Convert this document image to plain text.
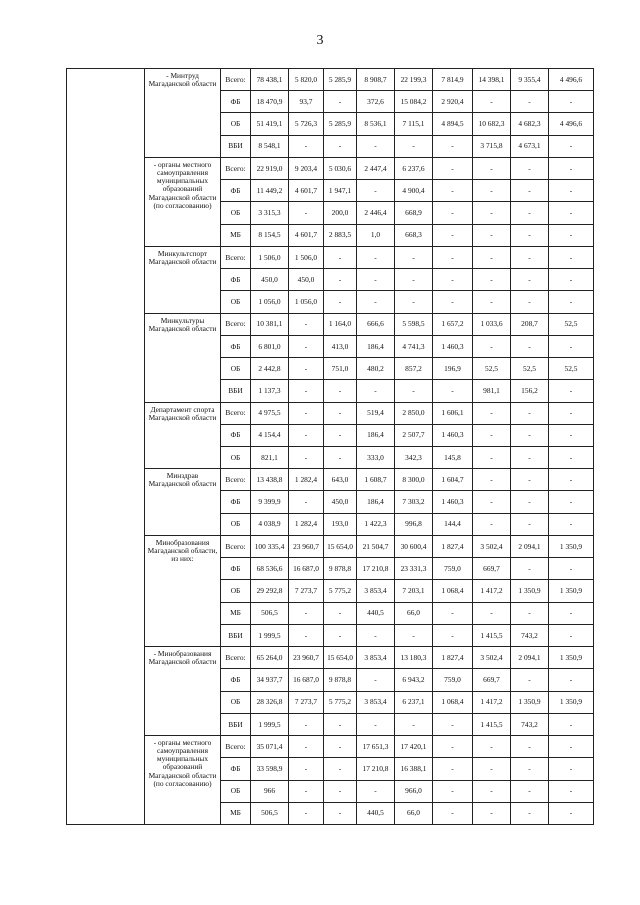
3
	- Минтруд Магаданской области	Всего:	78 438,1	5 820,0	5 285,9	8 908,7	22 199,3	7 814,9	14 398,1	9 355,4	4 496,6
		ФБ	18 470,9	93,7	-	372,6	15 084,2	2 920,4	-	-	-
		ОБ	51 419,1	5 726,3	5 285,9	8 536,1	7 115,1	4 894,5	10 682,3	4 682,3	4 496,6
		ВБИ	8 548,1	-	-	-	-	-	3 715,8	4 673,1	-
	- органы местного самоуправления муниципальных образований Магаданской области (по согласованию)	Всего:	22 919,0	9 203,4	5 030,6	2 447,4	6 237,6	-	-	-	-
		ФБ	11 449,2	4 601,7	1 947,1	-	4 900,4	-	-	-	-
		ОБ	3 315,3	-	200,0	2 446,4	668,9	-	-	-	-
		МБ	8 154,5	4 601,7	2 883,5	1,0	668,3	-	-	-	-
	Минкультспорт Магаданской области	Всего:	1 506,0	1 506,0	-	-	-	-	-	-	-
		ФБ	450,0	450,0	-	-	-	-	-	-	-
		ОБ	1 056,0	1 056,0	-	-	-	-	-	-	-
	Минкультуры Магаданской области	Всего:	10 381,1	-	1 164,0	666,6	5 598,5	1 657,2	1 033,6	208,7	52,5
		ФБ	6 801,0	-	413,0	186,4	4 741,3	1 460,3	-	-	-
		ОБ	2 442,8	-	751,0	480,2	857,2	196,9	52,5	52,5	52,5
		ВБИ	1 137,3	-	-	-	-	-	981,1	156,2	-
	Департамент спорта Магаданской области	Всего:	4 975,5	-	-	519,4	2 850,0	1 606,1	-	-	-
		ФБ	4 154,4	-	-	186,4	2 507,7	1 460,3	-	-	-
		ОБ	821,1	-	-	333,0	342,3	145,8	-	-	-
	Минздрав Магаданской области	Всего:	13 438,8	1 282,4	643,0	1 608,7	8 300,0	1 604,7	-	-	-
		ФБ	9 399,9	-	450,0	186,4	7 303,2	1 460,3	-	-	-
		ОБ	4 038,9	1 282,4	193,0	1 422,3	996,8	144,4	-	-	-
	Минобразования Магаданской области, из них:	Всего:	100 335,4	23 960,7	15 654,0	21 504,7	30 600,4	1 827,4	3 502,4	2 094,1	1 350,9
		ФБ	68 536,6	16 687,0	9 878,8	17 210,8	23 331,3	759,0	669,7	-	-
		ОБ	29 292,8	7 273,7	5 775,2	3 853,4	7 203,1	1 068,4	1 417,2	1 350,9	1 350,9
		МБ	506,5	-	-	440,5	66,0	-	-	-	-
		ВБИ	1 999,5	-	-	-	-	-	1 415,5	743,2	-
	- Минобразования Магаданской области	Всего:	65 264,0	23 960,7	15 654,0	3 853,4	13 180,3	1 827,4	3 502,4	2 094,1	1 350,9
		ФБ	34 937,7	16 687,0	9 878,8	-	6 943,2	759,0	669,7	-	-
		ОБ	28 326,8	7 273,7	5 775,2	3 853,4	6 237,1	1 068,4	1 417,2	1 350,9	1 350,9
		ВБИ	1 999,5	-	-	-	-	-	1 415,5	743,2	-
	- органы местного самоуправления муниципальных образований Магаданской области (по согласованию)	Всего:	35 071,4	-	-	17 651,3	17 420,1	-	-	-	-
		ФБ	33 598,9	-	-	17 210,8	16 388,1	-	-	-	-
		ОБ	966	-	-	-	966,0	-	-	-	-
		МБ	506,5	-	-	440,5	66,0	-	-	-	-
